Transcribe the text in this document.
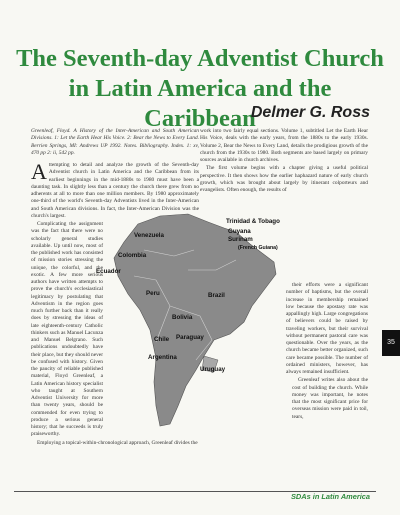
The Seventh-day Adventist Church in Latin America and the Caribbean
Delmer G. Ross

Greenleaf, Floyd. A History of the Inter-American and South American Divisions. 1: Let the Earth Hear His Voice. 2: Bear the News to Every Land. Berrien Springs, MI: Andrews UP 1992. Notes. Bibliography. Index. 1: xv, 470 pp 2: ii, 542 pp.

Attempting to detail and analyze the growth of the Seventh-day Adventist church in Latin America and the Caribbean from its earliest beginnings in the mid-1880s to 1980 must have been a daunting task. In slightly less than a century the church there grew from no adherents at all to more than one million members. By 1980 approximately one-third of the world's Seventh-day Adventists lived in the Inter-American and South American divisions. In fact, the Inter-American Division was the church's largest.

Complicating the assignment was the fact that there were no scholarly general studies available. Up until now, most of the published work has consisted of mission stories stressing the unique, the colorful, and the exotic. A few more serious authors have written attempts to prove the church's ecclesiastical legitimacy by postulating that Adventism in the region goes much further back than it really does by stressing the ideas of late eighteenth-century Catholic thinkers such as Manuel Lacunza and Manuel Belgrano. Such publications undoubtedly have their place, but they should never be confused with history. Given the paucity of reliable published material, Floyd Greenleaf, a Latin American history specialist who taught at Southern Adventist University for more than twenty years, should be commended for even trying to produce a serious general history; that he succeeds is truly praiseworthy.

Employing a topical-within-chronological approach, Greenleaf divides the

work into two fairly equal sections. Volume 1, subtitled Let the Earth Hear His Voice, deals with the early years, from the 1880s to the early 1930s. Volume 2, Bear the News to Every Land, details the prodigious growth of the church from the 1930s to 1980. Both segments are based largely on primary sources available in church archives.

The first volume begins with a chapter giving a useful political perspective. It then shows how the earlier haphazard nature of early church growth, which was brought about largely by itinerant colporteurs and evangelists. Often enough, the results of

Trinidad & Tobago
Guyana
Venezuela
Surinam
(French Guiana)
Colombia
Ecuador
Peru	Brazil
Bolivia
Chile Paraguay
Argentina
Uruguay

their efforts were a significant number of baptisms, but the overall increase in membership remained low because the apostasy rate was appallingly high. Large congregations of believers could be raised by traveling workers, but their survival without permanent pastoral care was questionable. Over the years, as the church became better organized, such care became possible. The number of ordained ministers, however, has always remained insufficient.

Greenleaf writes also about the cost of building the church. While money was important, he notes that the most significant price for overseas mission were paid in toil, tears,

35
SDAs in Latin America
